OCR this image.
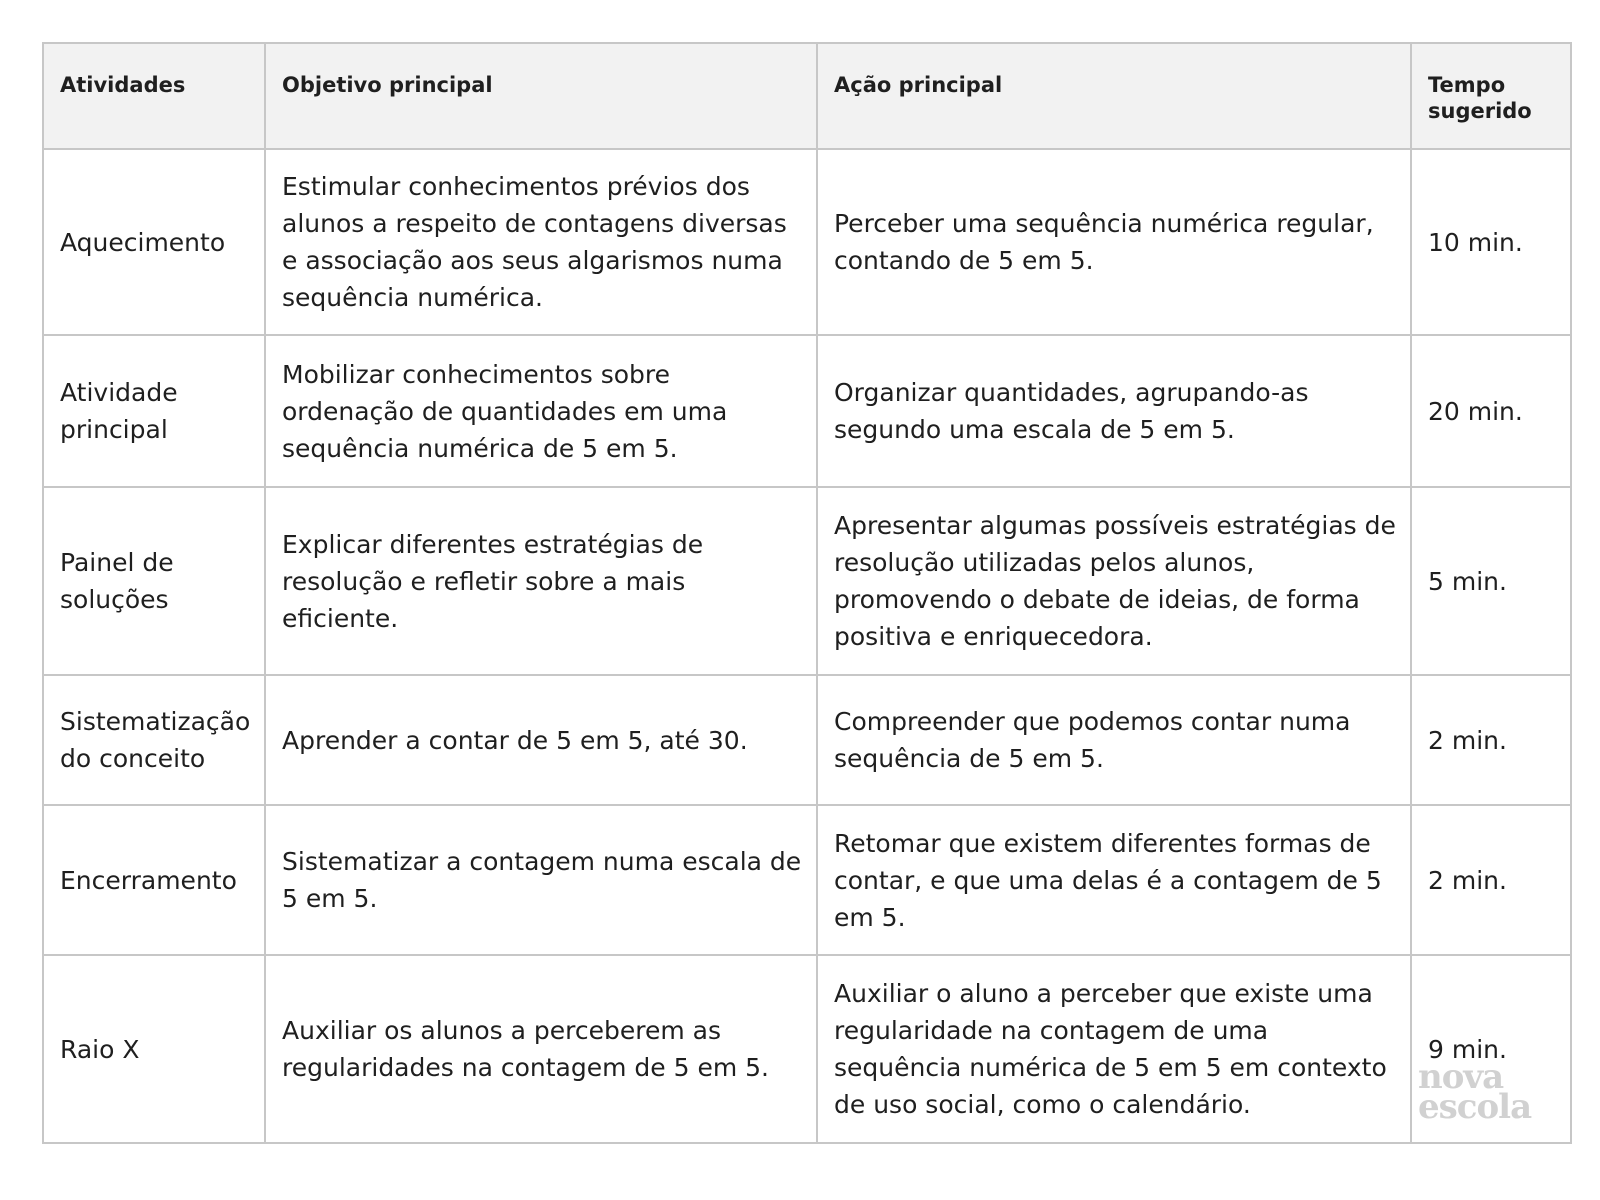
Atividades	Objetivo principal	Ação principal	Tempo
sugerido
Aquecimento	Estimular conhecimentos prévios dos alunos a respeito de contagens diversas e associação aos seus algarismos numa sequência numérica.	Perceber uma sequência numérica regular, contando de 5 em 5.	10 min.
Atividade principal	Mobilizar conhecimentos sobre ordenação de quantidades em uma sequência numérica de 5 em 5.	Organizar quantidades, agrupando-as segundo uma escala de 5 em 5.	20 min.
Painel de soluções	Explicar diferentes estratégias de resolução e refletir sobre a mais eficiente.	Apresentar algumas possíveis estratégias de resolução utilizadas pelos alunos, promovendo o debate de ideias, de forma positiva e enriquecedora.	5 min.
Sistematização do conceito	Aprender a contar de 5 em 5, até 30.	Compreender que podemos contar numa sequência de 5 em 5.	2 min.
Encerramento	Sistematizar a contagem numa escala de 5 em 5.	Retomar que existem diferentes formas de contar, e que uma delas é a contagem de 5 em 5.	2 min.
Raio X	Auxiliar os alunos a perceberem as regularidades na contagem de 5 em 5.	Auxiliar o aluno a perceber que existe uma regularidade na contagem de uma sequência numérica de 5 em 5 em contexto de uso social, como o calendário.	9 min.
nova
escola
